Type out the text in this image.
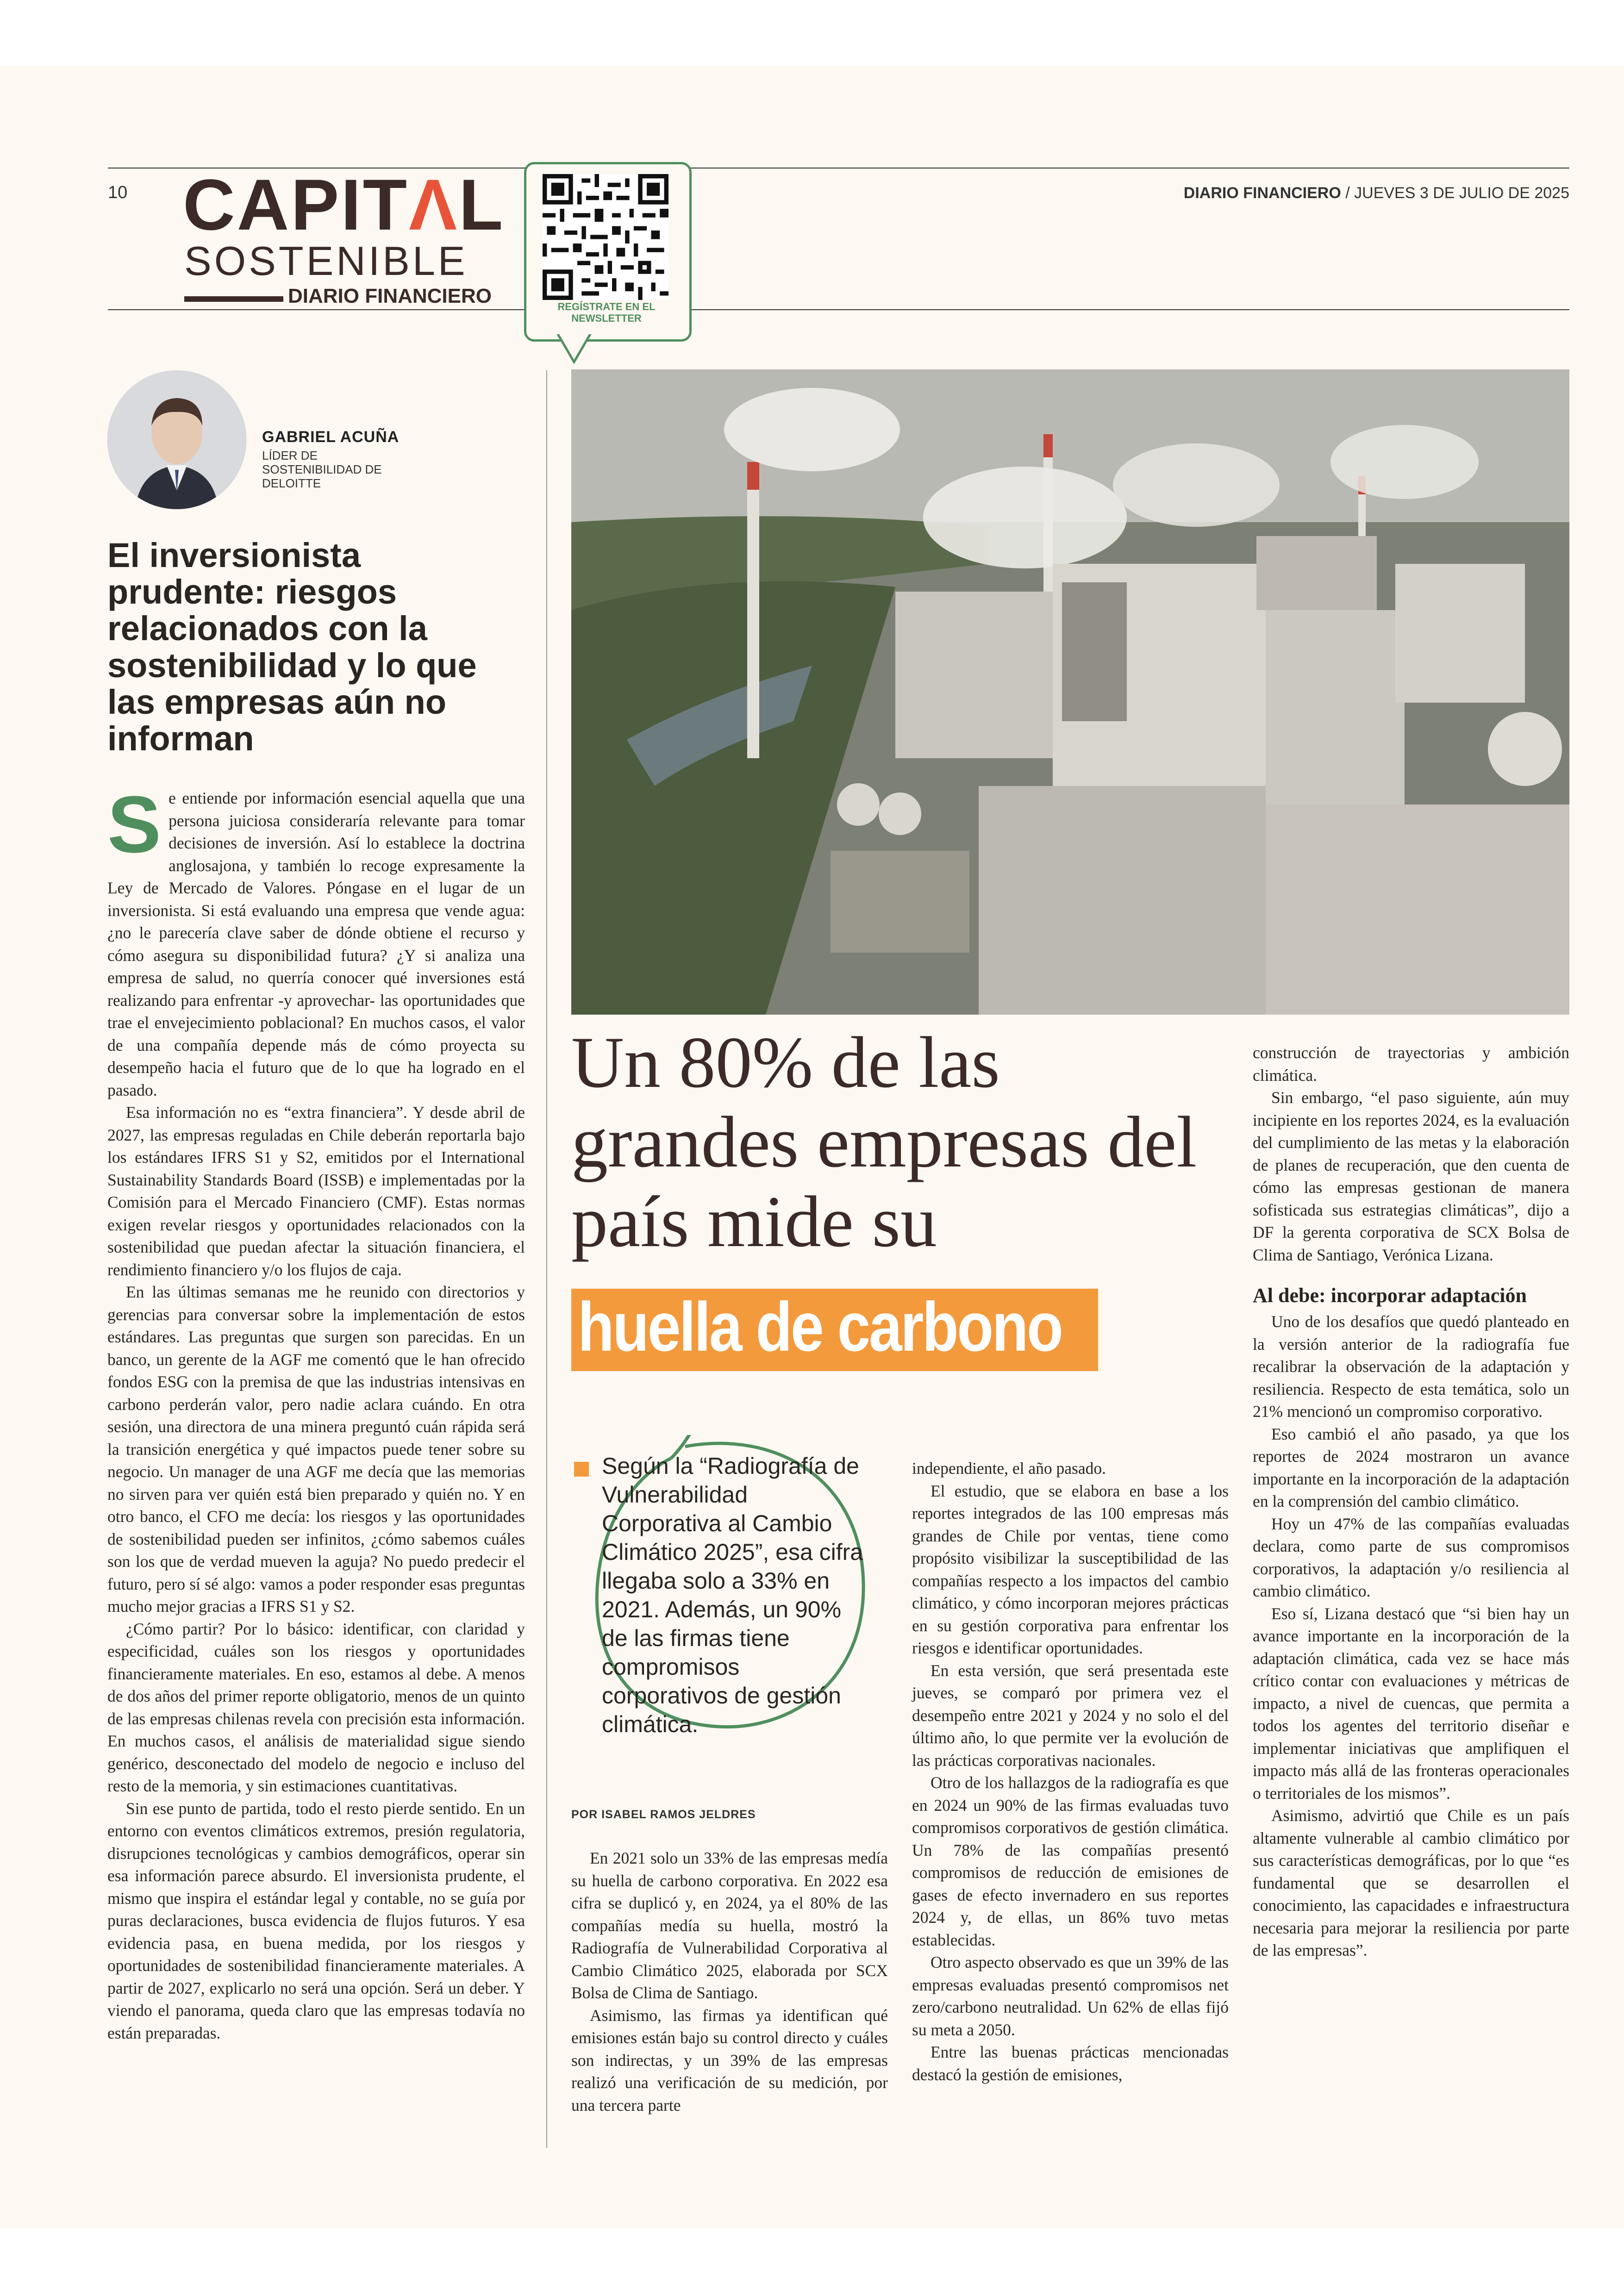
10 CAPITΛL
SOSTENIBLE
DIARIO FINANCIERO	REGÍSTRATE EN EL NEWSLETTER
DIARIO FINANCIERO / JUEVES 3 DE JULIO DE 2025
GABRIEL ACUÑA
LÍDER DE SOSTENIBILIDAD DE DELOITTE
El inversionista prudente: riesgos relacionados con la sostenibilidad y lo que las empresas aún no informan

Se entiende por información esencial aquella que una persona juiciosa consideraría relevante para tomar decisiones de inversión. Así lo establece la doctrina anglosajona, y también lo recoge expresamente la Ley de Mercado de Valores. Póngase en el lugar de un inversionista. Si está evaluando una empresa que vende agua: ¿no le parecería clave saber de dónde obtiene el recurso y cómo asegura su disponibilidad futura? ¿Y si analiza una empresa de salud, no querría conocer qué inversiones está realizando para enfrentar -y aprovechar- las oportunidades que trae el envejecimiento poblacional? En muchos casos, el valor de una compañía depende más de cómo proyecta su desempeño hacia el futuro que de lo que ha logrado en el pasado.

Esa información no es “extra financiera”. Y desde abril de 2027, las empresas reguladas en Chile deberán reportarla bajo los estándares IFRS S1 y S2, emitidos por el International Sustainability Standards Board (ISSB) e implementadas por la Comisión para el Mercado Financiero (CMF). Estas normas exigen revelar riesgos y oportunidades relacionados con la sostenibilidad que puedan afectar la situación financiera, el rendimiento financiero y/o los flujos de caja.

En las últimas semanas me he reunido con directorios y gerencias para conversar sobre la implementación de estos estándares. Las preguntas que surgen son parecidas. En un banco, un gerente de la AGF me comentó que le han ofrecido fondos ESG con la premisa de que las industrias intensivas en carbono perderán valor, pero nadie aclara cuándo. En otra sesión, una directora de una minera preguntó cuán rápida será la transición energética y qué impactos puede tener sobre su negocio. Un manager de una AGF me decía que las memorias no sirven para ver quién está bien preparado y quién no. Y en otro banco, el CFO me decía: los riesgos y las oportunidades de sostenibilidad pueden ser infinitos, ¿cómo sabemos cuáles son los que de verdad mueven la aguja? No puedo predecir el futuro, pero sí sé algo: vamos a poder responder esas preguntas mucho mejor gracias a IFRS S1 y S2.

¿Cómo partir? Por lo básico: identificar, con claridad y especificidad, cuáles son los riesgos y oportunidades financieramente materiales. En eso, estamos al debe. A menos de dos años del primer reporte obligatorio, menos de un quinto de las empresas chilenas revela con precisión esta información. En muchos casos, el análisis de materialidad sigue siendo genérico, desconectado del modelo de negocio e incluso del resto de la memoria, y sin estimaciones cuantitativas.

Sin ese punto de partida, todo el resto pierde sentido. En un entorno con eventos climáticos extremos, presión regulatoria, disrupciones tecnológicas y cambios demográficos, operar sin esa información parece absurdo. El inversionista prudente, el mismo que inspira el estándar legal y contable, no se guía por puras declaraciones, busca evidencia de flujos futuros. Y esa evidencia pasa, en buena medida, por los riesgos y oportunidades de sostenibilidad financieramente materiales. A partir de 2027, explicarlo no será una opción. Será un deber. Y viendo el panorama, queda claro que las empresas todavía no están preparadas.

Un 80% de las grandes empresas del país mide su
huella de carbono
Según la “Radiografía de Vulnerabilidad Corporativa al Cambio Climático 2025”, esa cifra llegaba solo a 33% en 2021. Además, un 90% de las firmas tiene compromisos corporativos de gestión climática.
POR ISABEL RAMOS JELDRES

En 2021 solo un 33% de las empresas medía su huella de carbono corporativa. En 2022 esa cifra se duplicó y, en 2024, ya el 80% de las compañías medía su huella, mostró la Radiografía de Vulnerabilidad Corporativa al Cambio Climático 2025, elaborada por SCX Bolsa de Clima de Santiago.

Asimismo, las firmas ya identifican qué emisiones están bajo su control directo y cuáles son indirectas, y un 39% de las empresas realizó una verificación de su medición, por una tercera parte

independiente, el año pasado.

El estudio, que se elabora en base a los reportes integrados de las 100 empresas más grandes de Chile por ventas, tiene como propósito visibilizar la susceptibilidad de las compañías respecto a los impactos del cambio climático, y cómo incorporan mejores prácticas en su gestión corporativa para enfrentar los riesgos e identificar oportunidades.

En esta versión, que será presentada este jueves, se comparó por primera vez el desempeño entre 2021 y 2024 y no solo el del último año, lo que permite ver la evolución de las prácticas corporativas nacionales.

Otro de los hallazgos de la radiografía es que en 2024 un 90% de las firmas evaluadas tuvo compromisos corporativos de gestión climática. Un 78% de las compañías presentó compromisos de reducción de emisiones de gases de efecto invernadero en sus reportes 2024 y, de ellas, un 86% tuvo metas establecidas.

Otro aspecto observado es que un 39% de las empresas evaluadas presentó compromisos net zero/carbono neutralidad. Un 62% de ellas fijó su meta a 2050.

Entre las buenas prácticas mencionadas destacó la gestión de emisiones,

construcción de trayectorias y ambición climática.

Sin embargo, “el paso siguiente, aún muy incipiente en los reportes 2024, es la evaluación del cumplimiento de las metas y la elaboración de planes de recuperación, que den cuenta de cómo las empresas gestionan de manera sofisticada sus estrategias climáticas”, dijo a DF la gerenta corporativa de SCX Bolsa de Clima de Santiago, Verónica Lizana.

Al debe: incorporar adaptación

Uno de los desafíos que quedó planteado en la versión anterior de la radiografía fue recalibrar la observación de la adaptación y resiliencia. Respecto de esta temática, solo un 21% mencionó un compromiso corporativo.

Eso cambió el año pasado, ya que los reportes de 2024 mostraron un avance importante en la incorporación de la adaptación en la comprensión del cambio climático.

Hoy un 47% de las compañías evaluadas declara, como parte de sus compromisos corporativos, la adaptación y/o resiliencia al cambio climático.

Eso sí, Lizana destacó que “si bien hay un avance importante en la incorporación de la adaptación climática, cada vez se hace más crítico contar con evaluaciones y métricas de impacto, a nivel de cuencas, que permita a todos los agentes del territorio diseñar e implementar iniciativas que amplifiquen el impacto más allá de las fronteras operacionales o territoriales de los mismos”.

Asimismo, advirtió que Chile es un país altamente vulnerable al cambio climático por sus características demográficas, por lo que “es fundamental que se desarrollen el conocimiento, las capacidades e infraestructura necesaria para mejorar la resiliencia por parte de las empresas”.
